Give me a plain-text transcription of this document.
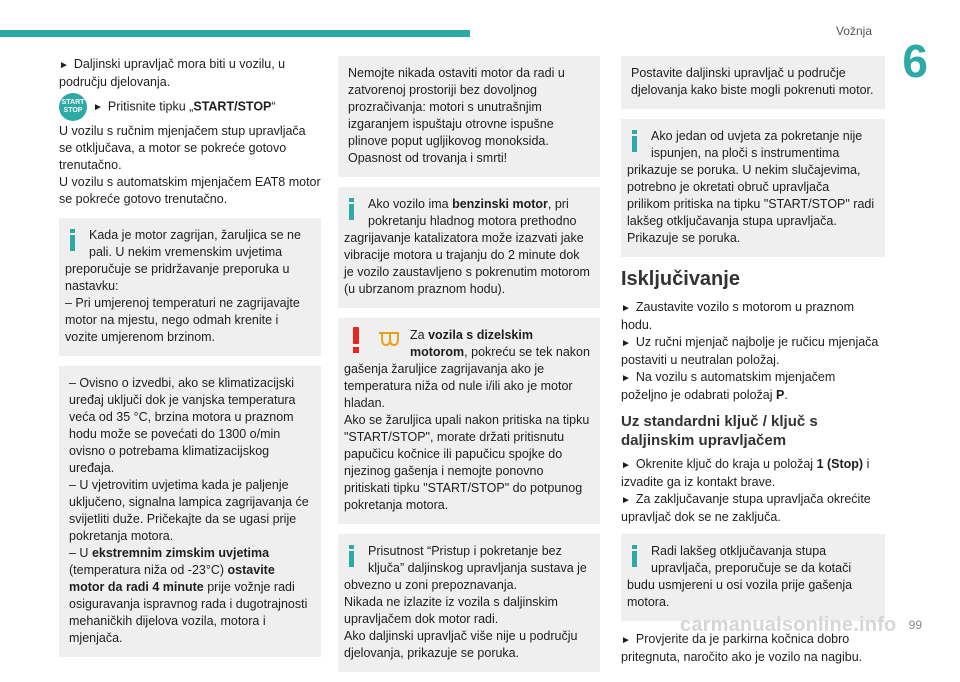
Vožnja
6

► Daljinski upravljač mora biti u vozilu, u području djelovanja.

START
STOP ► Pritisnite tipku „START/STOP“

U vozilu s ručnim mjenjačem stup upravljača se otključava, a motor se pokreće gotovo trenutačno.

U vozilu s automatskim mjenjačem EAT8 motor se pokreće gotovo trenutačno.

Kada je motor zagrijan, žaruljica se ne pali. U nekim vremenskim uvjetima preporučuje se pridržavanje preporuka u nastavku:
– Pri umjerenoj temperaturi ne zagrijavajte motor na mjestu, nego odmah krenite i vozite umjerenom brzinom.
– Ovisno o izvedbi, ako se klimatizacijski uređaj uključi dok je vanjska temperatura veća od 35 °C, brzina motora u praznom hodu može se povećati do 1300 o/min ovisno o potrebama klimatizacijskog uređaja.
– U vjetrovitim uvjetima kada je paljenje uključeno, signalna lampica zagrijavanja će svijetliti duže. Pričekajte da se ugasi prije pokretanja motora.
– U ekstremnim zimskim uvjetima (temperatura niža od -23°C) ostavite motor da radi 4 minute prije vožnje radi osiguravanja ispravnog rada i dugotrajnosti mehaničkih dijelova vozila, motora i mjenjača.
Nemojte nikada ostaviti motor da radi u zatvorenoj prostoriji bez dovoljnog prozračivanja: motori s unutrašnjim izgaranjem ispuštaju otrovne ispušne plinove poput ugljikovog monoksida. Opasnost od trovanja i smrti!
Ako vozilo ima benzinski motor, pri pokretanju hladnog motora prethodno zagrijavanje katalizatora može izazvati jake vibracije motora u trajanju do 2 minute dok je vozilo zaustavljeno s pokrenutim motorom (u ubrzanom praznom hodu).
Za vozila s dizelskim motorom, pokreću se tek nakon gašenja žaruljice zagrijavanja ako je temperatura niža od nule i/ili ako je motor hladan.
Ako se žaruljica upali nakon pritiska na tipku "START/STOP", morate držati pritisnutu papučicu kočnice ili papučicu spojke do njezinog gašenja i nemojte ponovno pritiskati tipku "START/STOP" do potpunog pokretanja motora.
Prisutnost “Pristup i pokretanje bez ključa” daljinskog upravljanja sustava je obvezno u zoni prepoznavanja.
Nikada ne izlazite iz vozila s daljinskim upravljačem dok motor radi.
Ako daljinski upravljač više nije u području djelovanja, prikazuje se poruka.
Postavite daljinski upravljač u područje djelovanja kako biste mogli pokrenuti motor.
Ako jedan od uvjeta za pokretanje nije ispunjen, na ploči s instrumentima prikazuje se poruka. U nekim slučajevima, potrebno je okretati obruč upravljača prilikom pritiska na tipku "START/STOP" radi lakšeg otključavanja stupa upravljača. Prikazuje se poruka.
Isključivanje

► Zaustavite vozilo s motorom u praznom hodu.

► Uz ručni mjenjač najbolje je ručicu mjenjača postaviti u neutralan položaj.

► Na vozilu s automatskim mjenjačem poželjno je odabrati položaj P.

Uz standardni ključ / ključ s daljinskim upravljačem

► Okrenite ključ do kraja u položaj 1 (Stop) i izvadite ga iz kontakt brave.

► Za zaključavanje stupa upravljača okrećite upravljač dok se ne zaključa.

Radi lakšeg otključavanja stupa upravljača, preporučuje se da kotači budu usmjereni u osi vozila prije gašenja motora.

► Provjerite da je parkirna kočnica dobro pritegnuta, naročito ako je vozilo na nagibu.

carmanualsonline.info 99
